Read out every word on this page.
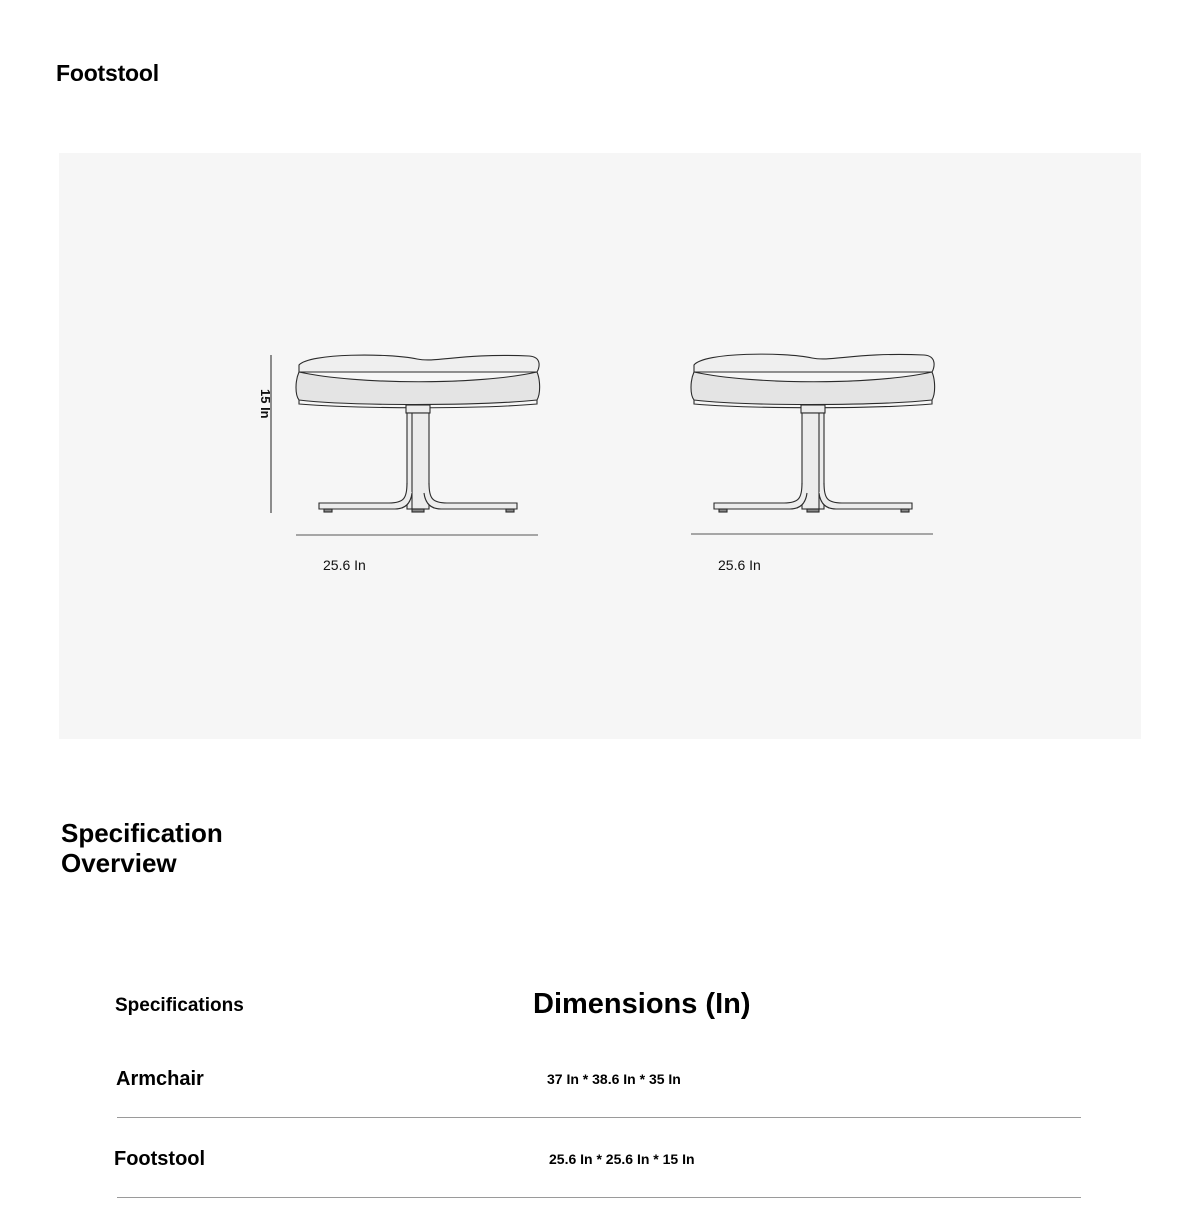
Footstool
15 In
25.6 In	25.6 In
Specification Overview
Specifications	Dimensions (In)
Armchair	37 In * 38.6 In * 35 In
Footstool	25.6 In * 25.6 In * 15 In
